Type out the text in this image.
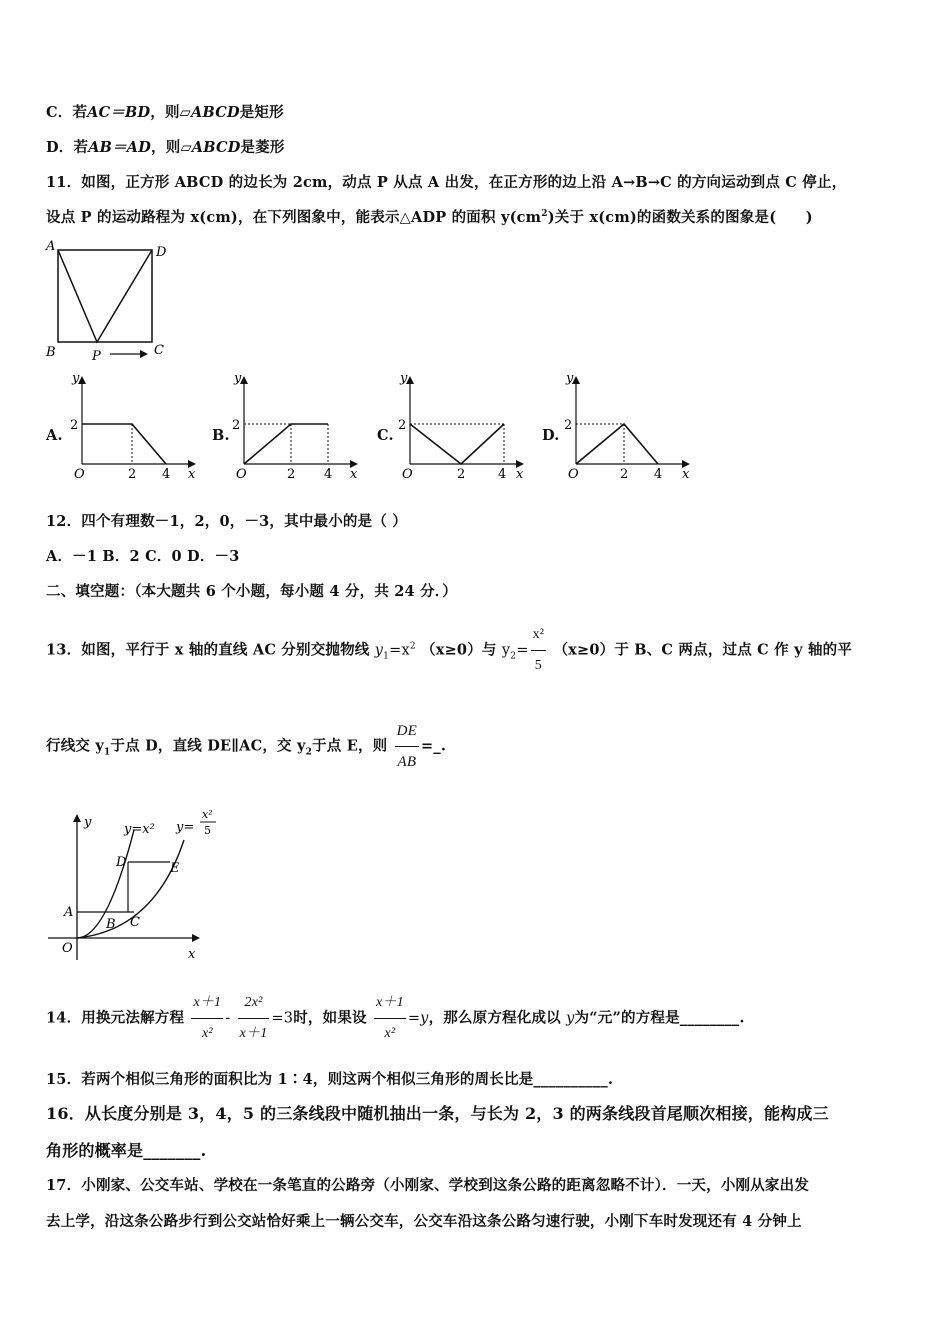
C．若AC＝BD，则▱ABCD是矩形
D．若AB＝AD，则▱ABCD是菱形
11．如图，正方形 ABCD 的边长为 2cm，动点 P 从点 A 出发，在正方形的边上沿 A→B→C 的方向运动到点 C 停止，
设点 P 的运动路程为 x(cm)，在下列图象中，能表示△ADP 的面积 $y(cm^2)$关于 x(cm)的函数关系的图象是(　　)
A	D
B	P	C
A.
y
2
O	2 4 x
B.
y
2
O	2 4 x
C.
y
2
O	2	4 x
D.
y
2
O	2 4 x
12．四个有理数－1，2，0，－3，其中最小的是（ ）
A．－1 B．2 C．0 D．－3
二、填空题：（本大题共 6 个小题，每小题 4 分，共 24 分．）
13．如图，平行于 x 轴的直线 AC 分别交抛物线 $y_1=x^2$ （x≥0）与 $y_2= \frac{\text{x²}}{5} (x\ge 0)$于 B、C 两点，过点 C 作 y 轴的平
行线交 $y_1$于点 D，直线 DE∥AC，交 $y_2$于点 E，则 $\frac{DE}{AB}$ =_.
y
x
O
A
B C
D	E
y=x² y=
x²
5
14．用换元法解方程 $\frac{x+1}{\text{x²}} - \frac{\text{2x²}}{x+1} =3$时，如果设 $\frac{x+1}{\text{x²}} =y$，那么原方程化成以 y为“元”的方程是________.
15．若两个相似三角形的面积比为 1∶4，则这两个相似三角形的周长比是__________.
16．从长度分别是 3，4，5 的三条线段中随机抽出一条，与长为 2，3 的两条线段首尾顺次相接，能构成三
角形的概率是_______.
17．小刚家、公交车站、学校在一条笔直的公路旁（小刚家、学校到这条公路的距离忽略不计）．一天，小刚从家出发
去上学，沿这条公路步行到公交站恰好乘上一辆公交车，公交车沿这条公路匀速行驶，小刚下车时发现还有 4 分钟上
